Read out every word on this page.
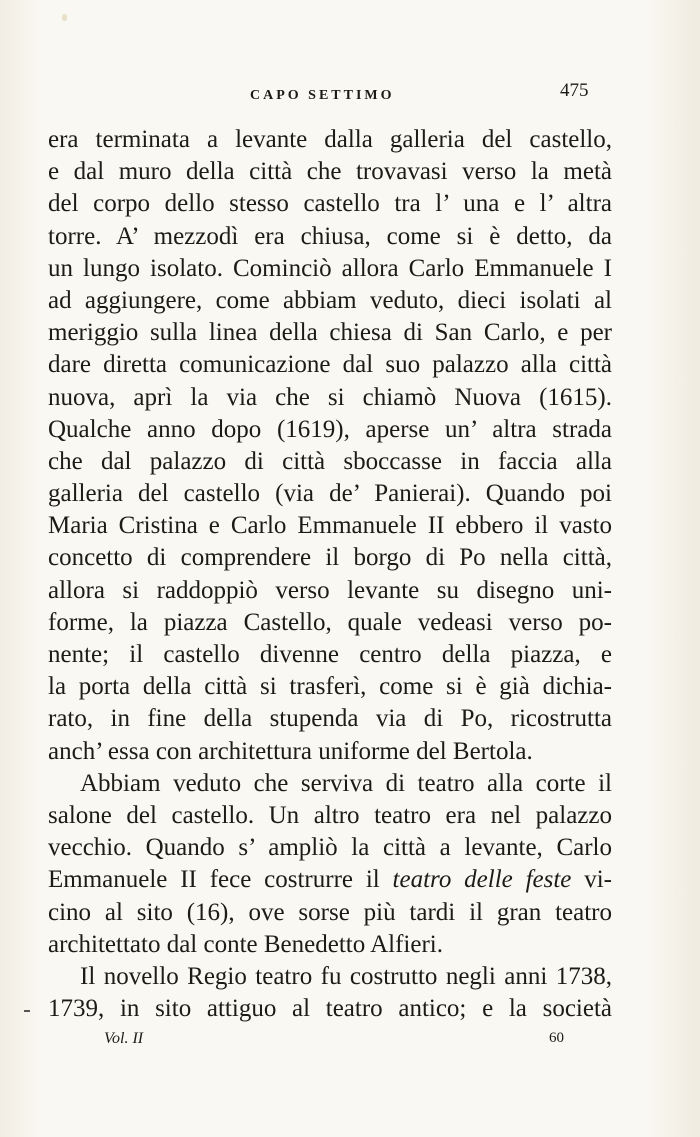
CAPO SETTIMO	475
era terminata a levante dalla galleria del castello,
e dal muro della città che trovavasi verso la metà
del corpo dello stesso castello tra l’ una e l’ altra
torre. A’ mezzodì era chiusa, come si è detto, da
un lungo isolato. Cominciò allora Carlo Emmanuele I
ad aggiungere, come abbiam veduto, dieci isolati al
meriggio sulla linea della chiesa di San Carlo, e per
dare diretta comunicazione dal suo palazzo alla città
nuova, aprì la via che si chiamò Nuova (1615).
Qualche anno dopo (1619), aperse un’ altra strada
che dal palazzo di città sboccasse in faccia alla
galleria del castello (via de’ Panierai). Quando poi
Maria Cristina e Carlo Emmanuele II ebbero il vasto
concetto di comprendere il borgo di Po nella città,
allora si raddoppiò verso levante su disegno uni-
forme, la piazza Castello, quale vedeasi verso po-
nente; il castello divenne centro della piazza, e
la porta della città si trasferì, come si è già dichia-
rato, in fine della stupenda via di Po, ricostrutta
anch’ essa con architettura uniforme del Bertola.
Abbiam veduto che serviva di teatro alla corte il
salone del castello. Un altro teatro era nel palazzo
vecchio. Quando s’ ampliò la città a levante, Carlo
Emmanuele II fece costrurre il teatro delle feste vi-
cino al sito (16), ove sorse più tardi il gran teatro
architettato dal conte Benedetto Alfieri.
Il novello Regio teatro fu costrutto negli anni 1738,
1739, in sito attiguo al teatro antico; e la società
Vol. II	60
